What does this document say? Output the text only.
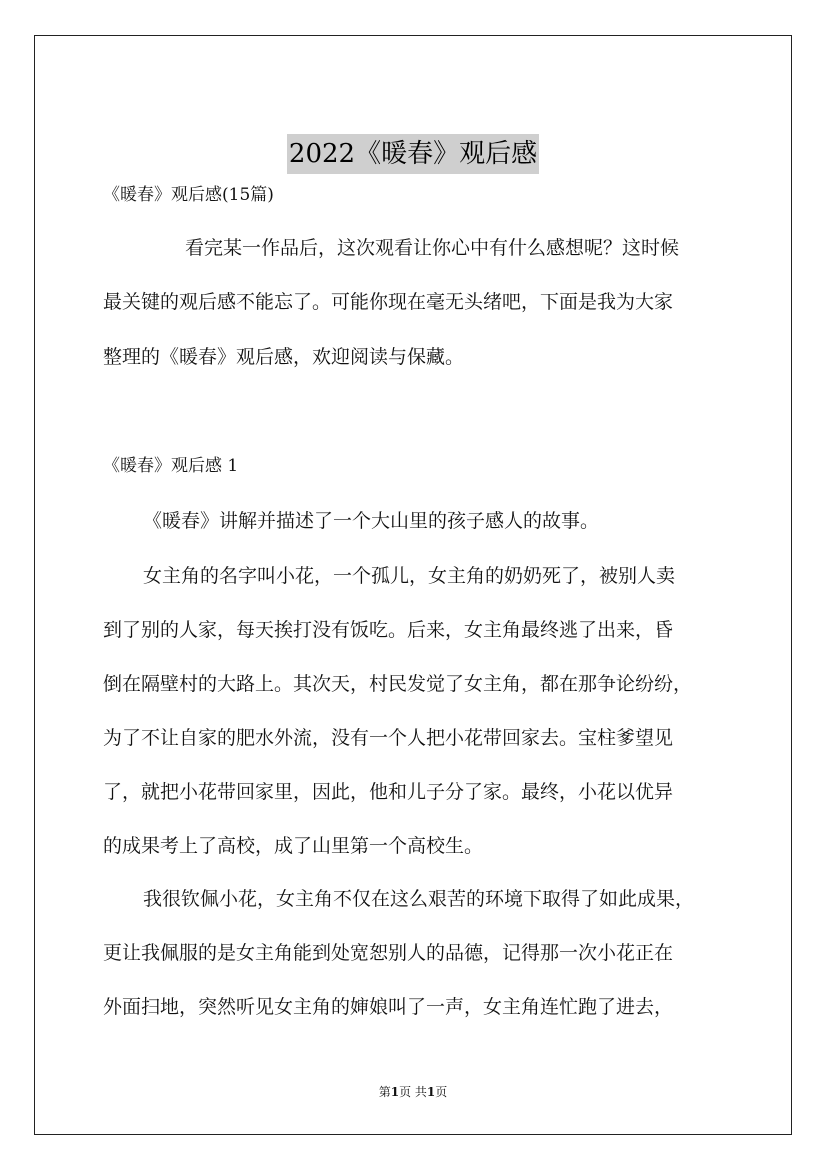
2022《暖春》观后感
《暖春》观后感(15篇)
看完某一作品后，这次观看让你心中有什么感想呢？这时候
最关键的观后感不能忘了。可能你现在毫无头绪吧，下面是我为大家
整理的《暖春》观后感，欢迎阅读与保藏。
《暖春》观后感 1
《暖春》讲解并描述了一个大山里的孩子感人的故事。
女主角的名字叫小花，一个孤儿，女主角的奶奶死了，被别人卖
到了别的人家，每天挨打没有饭吃。后来，女主角最终逃了出来，昏
倒在隔壁村的大路上。其次天，村民发觉了女主角，都在那争论纷纷，
为了不让自家的肥水外流，没有一个人把小花带回家去。宝柱爹望见
了，就把小花带回家里，因此，他和儿子分了家。最终，小花以优异
的成果考上了高校，成了山里第一个高校生。
我很钦佩小花，女主角不仅在这么艰苦的环境下取得了如此成果，
更让我佩服的是女主角能到处宽恕别人的品德，记得那一次小花正在
外面扫地，突然听见女主角的婶娘叫了一声，女主角连忙跑了进去，
第1页 共1页
